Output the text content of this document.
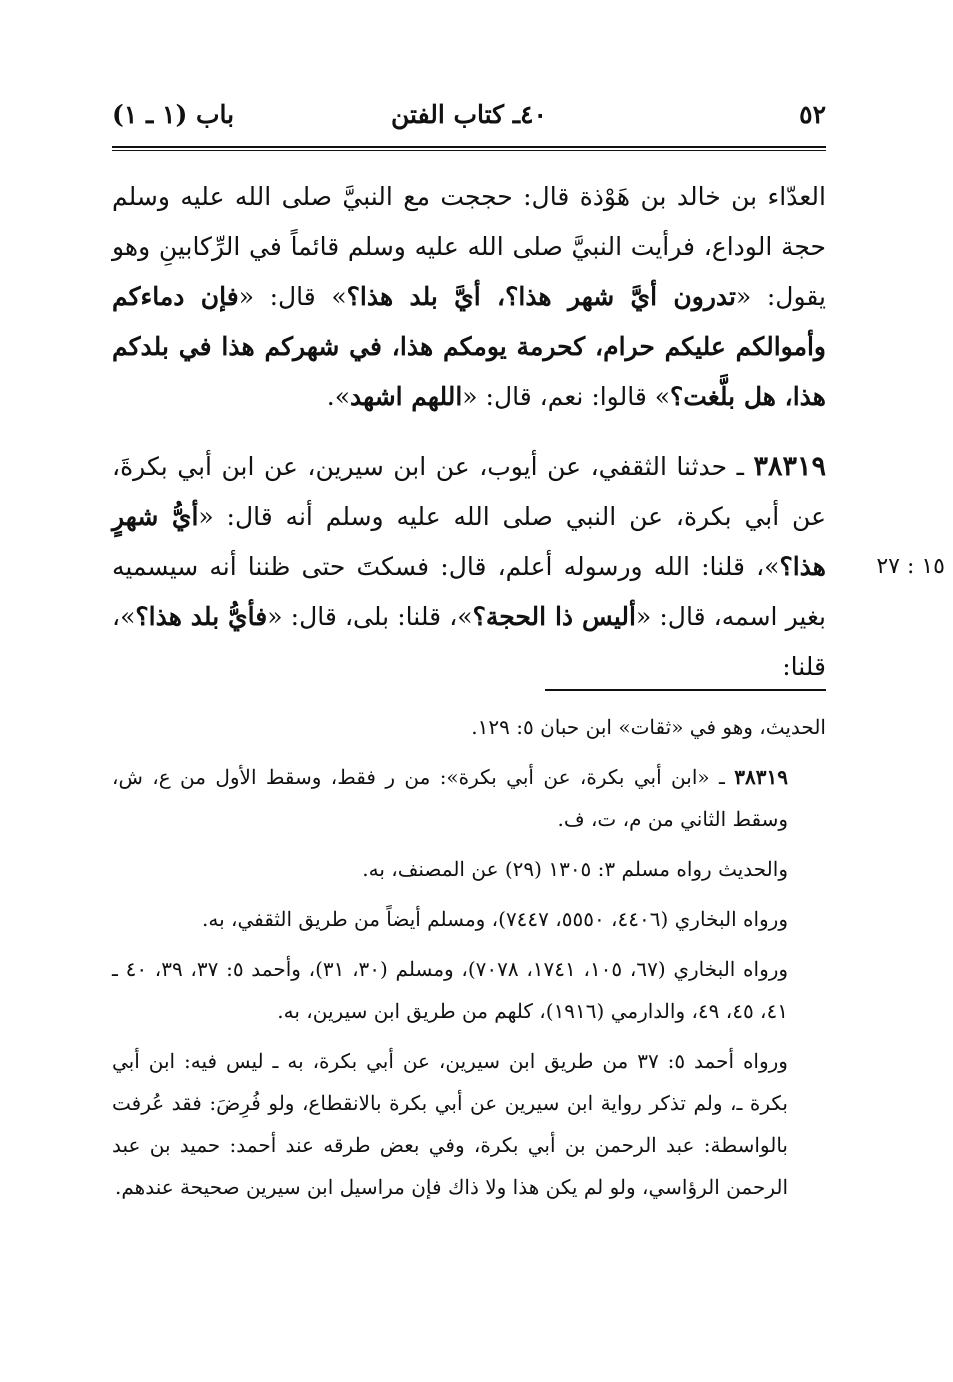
٥٢
٤٠ـ كتاب الفتن
باب (١ ـ ١)

العدّاء بن خالد بن هَوْذة قال: حججت مع النبيَّ صلى الله عليه وسلم حجة الوداع، فرأيت النبيَّ صلى الله عليه وسلم قائماً في الرِّكابينِ وهو يقول: «تدرون أيَّ شهر هذا؟، أيَّ بلد هذا؟» قال: «فإن دماءكم وأموالكم عليكم حرام، كحرمة يومكم هذا، في شهركم هذا في بلدكم هذا، هل بلَّغت؟» قالوا: نعم، قال: «اللهم اشهد».

٣٨٣١٩ ـ حدثنا الثقفي، عن أيوب، عن ابن سيرين، عن ابن أبي بكرةَ، عن أبي بكرة، عن النبي صلى الله عليه وسلم أنه قال: «أيُّ شهرٍ هذا؟»، قلنا: الله ورسوله أعلم، قال: فسكتَ حتى ظننا أنه سيسميه بغير اسمه، قال: «أليس ذا الحجة؟»، قلنا: بلى، قال: «فأيُّ بلد هذا؟»، قلنا:

١٥ : ٢٧

الحديث، وهو في «ثقات» ابن حبان ٥: ١٢٩.

٣٨٣١٩ ـ «ابن أبي بكرة، عن أبي بكرة»: من ر فقط، وسقط الأول من ع، ش، وسقط الثاني من م، ت، ف.

والحديث رواه مسلم ٣: ١٣٠٥ (٢٩) عن المصنف، به.

ورواه البخاري (٤٤٠٦، ٥٥٥٠، ٧٤٤٧)، ومسلم أيضاً من طريق الثقفي، به.

ورواه البخاري (٦٧، ١٠٥، ١٧٤١، ٧٠٧٨)، ومسلم (٣٠، ٣١)، وأحمد ٥: ٣٧، ٣٩، ٤٠ ـ ٤١، ٤٥، ٤٩، والدارمي (١٩١٦)، كلهم من طريق ابن سيرين، به.

ورواه أحمد ٥: ٣٧ من طريق ابن سيرين، عن أبي بكرة، به ـ ليس فيه: ابن أبي بكرة ـ، ولم تذكر رواية ابن سيرين عن أبي بكرة بالانقطاع، ولو فُرِضَ: فقد عُرفت بالواسطة: عبد الرحمن بن أبي بكرة، وفي بعض طرقه عند أحمد: حميد بن عبد الرحمن الرؤاسي، ولو لم يكن هذا ولا ذاك فإن مراسيل ابن سيرين صحيحة عندهم.
